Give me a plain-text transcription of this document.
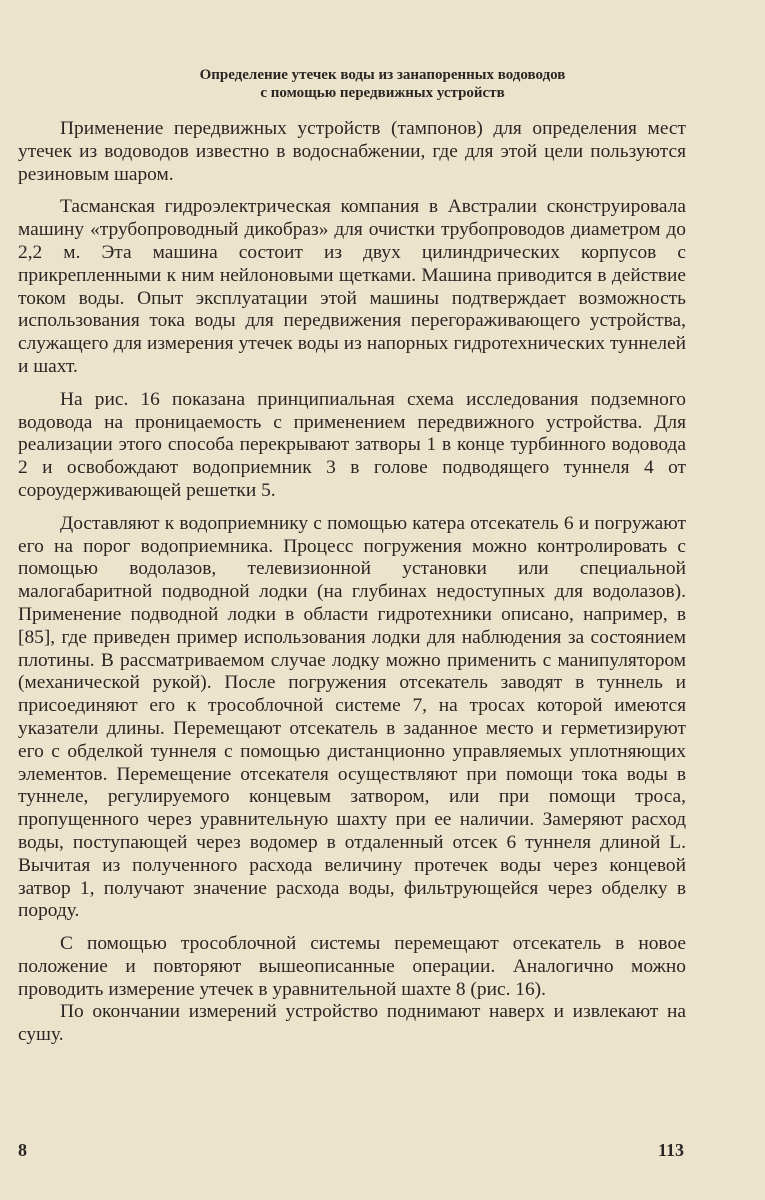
Определение утечек воды из занапоренных водоводов
с помощью передвижных устройств

Применение передвижных устройств (тампонов) для определения мест утечек из водоводов известно в водоснабжении, где для этой цели пользуются резиновым шаром.

Тасманская гидроэлектрическая компания в Австралии сконструировала машину «трубопроводный дикобраз» для очистки трубопроводов диаметром до 2,2 м. Эта машина состоит из двух цилиндрических корпусов с прикрепленными к ним нейлоновыми щетками. Машина приводится в действие током воды. Опыт эксплуатации этой машины подтверждает возможность использования тока воды для передвижения перегораживающего устройства, служащего для измерения утечек воды из напорных гидротехнических туннелей и шахт.

На рис. 16 показана принципиальная схема исследования подземного водовода на проницаемость с применением передвижного устройства. Для реализации этого способа перекрывают затворы 1 в конце турбинного водовода 2 и освобождают водоприемник 3 в голове подводящего туннеля 4 от сороудерживающей решетки 5.

Доставляют к водоприемнику с помощью катера отсекатель 6 и погружают его на порог водоприемника. Процесс погружения можно контролировать с помощью водолазов, телевизионной установки или специальной малогабаритной подводной лодки (на глубинах недоступных для водолазов). Применение подводной лодки в области гидротехники описано, например, в [85], где приведен пример использования лодки для наблюдения за состоянием плотины. В рассматриваемом случае лодку можно применить с манипулятором (механической рукой). После погружения отсекатель заводят в туннель и присоединяют его к трособлочной системе 7, на тросах которой имеются указатели длины. Перемещают отсекатель в заданное место и герметизируют его с обделкой туннеля с помощью дистанционно управляемых уплотняющих элементов. Перемещение отсекателя осуществляют при помощи тока воды в туннеле, регулируемого концевым затвором, или при помощи троса, пропущенного через уравнительную шахту при ее наличии. Замеряют расход воды, поступающей через водомер в отдаленный отсек 6 туннеля длиной L. Вычитая из полученного расхода величину протечек воды через концевой затвор 1, получают значение расхода воды, фильтрующейся через обделку в породу.

С помощью трособлочной системы перемещают отсекатель в новое положение и повторяют вышеописанные операции. Аналогично можно проводить измерение утечек в уравнительной шахте 8 (рис. 16).

По окончании измерений устройство поднимают наверх и извлекают на сушу.

8	113
